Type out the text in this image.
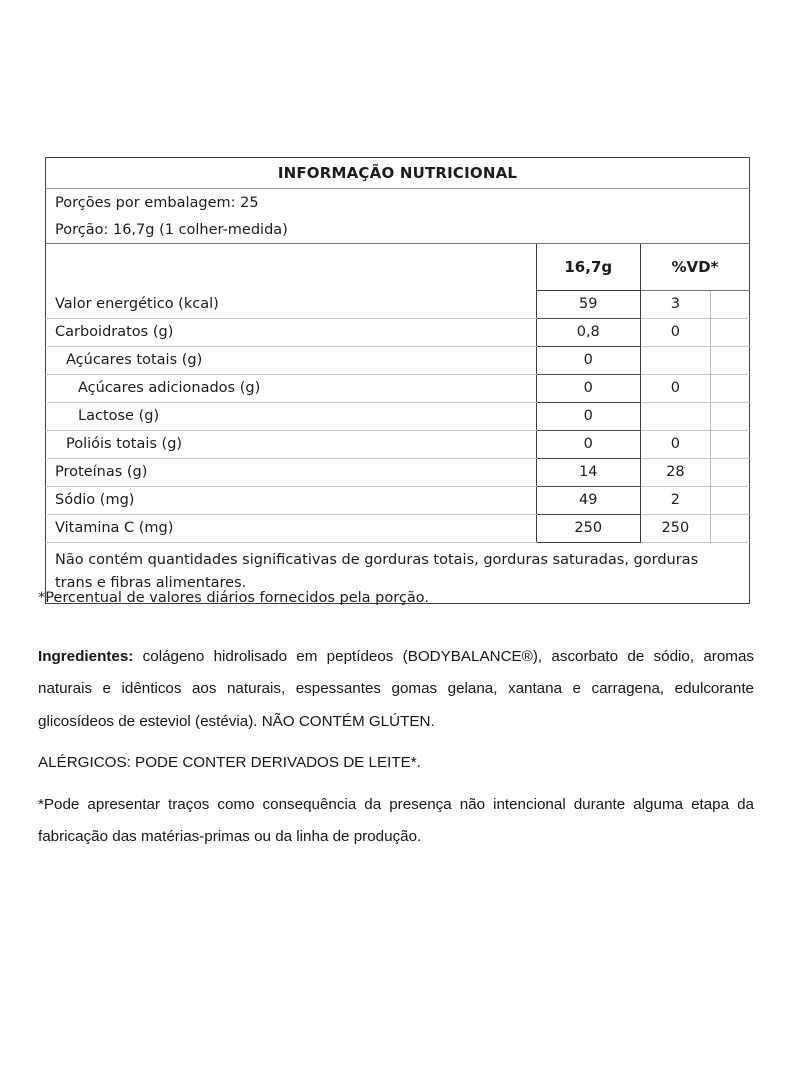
INFORMAÇÃO NUTRICIONAL			
Porções por embalagem: 25			
Porção: 16,7g (1 colher-medida)			
	16,7g	%VD*	
Valor energético (kcal)	59	3	
Carboidratos (g)	0,8	0	
Açúcares totais (g)	0		
Açúcares adicionados (g)	0	0	
Lactose (g)	0		
Polióis totais (g)	0	0	
Proteínas (g)	14	28	
Sódio (mg)	49	2	
Vitamina C (mg)	250	250	
Não contém quantidades significativas de gorduras totais, gorduras saturadas, gorduras trans e fibras alimentares.			
*Percentual de valores diários fornecidos pela porção.

Ingredientes: colágeno hidrolisado em peptídeos (BODYBALANCE®), ascorbato de sódio, aromas naturais e idênticos aos naturais, espessantes gomas gelana, xantana e carragena, edulcorante glicosídeos de esteviol (estévia). NÃO CONTÉM GLÚTEN.

ALÉRGICOS: PODE CONTER DERIVADOS DE LEITE*.

*Pode apresentar traços como consequência da presença não intencional durante alguma etapa da fabricação das matérias-primas ou da linha de produção.
